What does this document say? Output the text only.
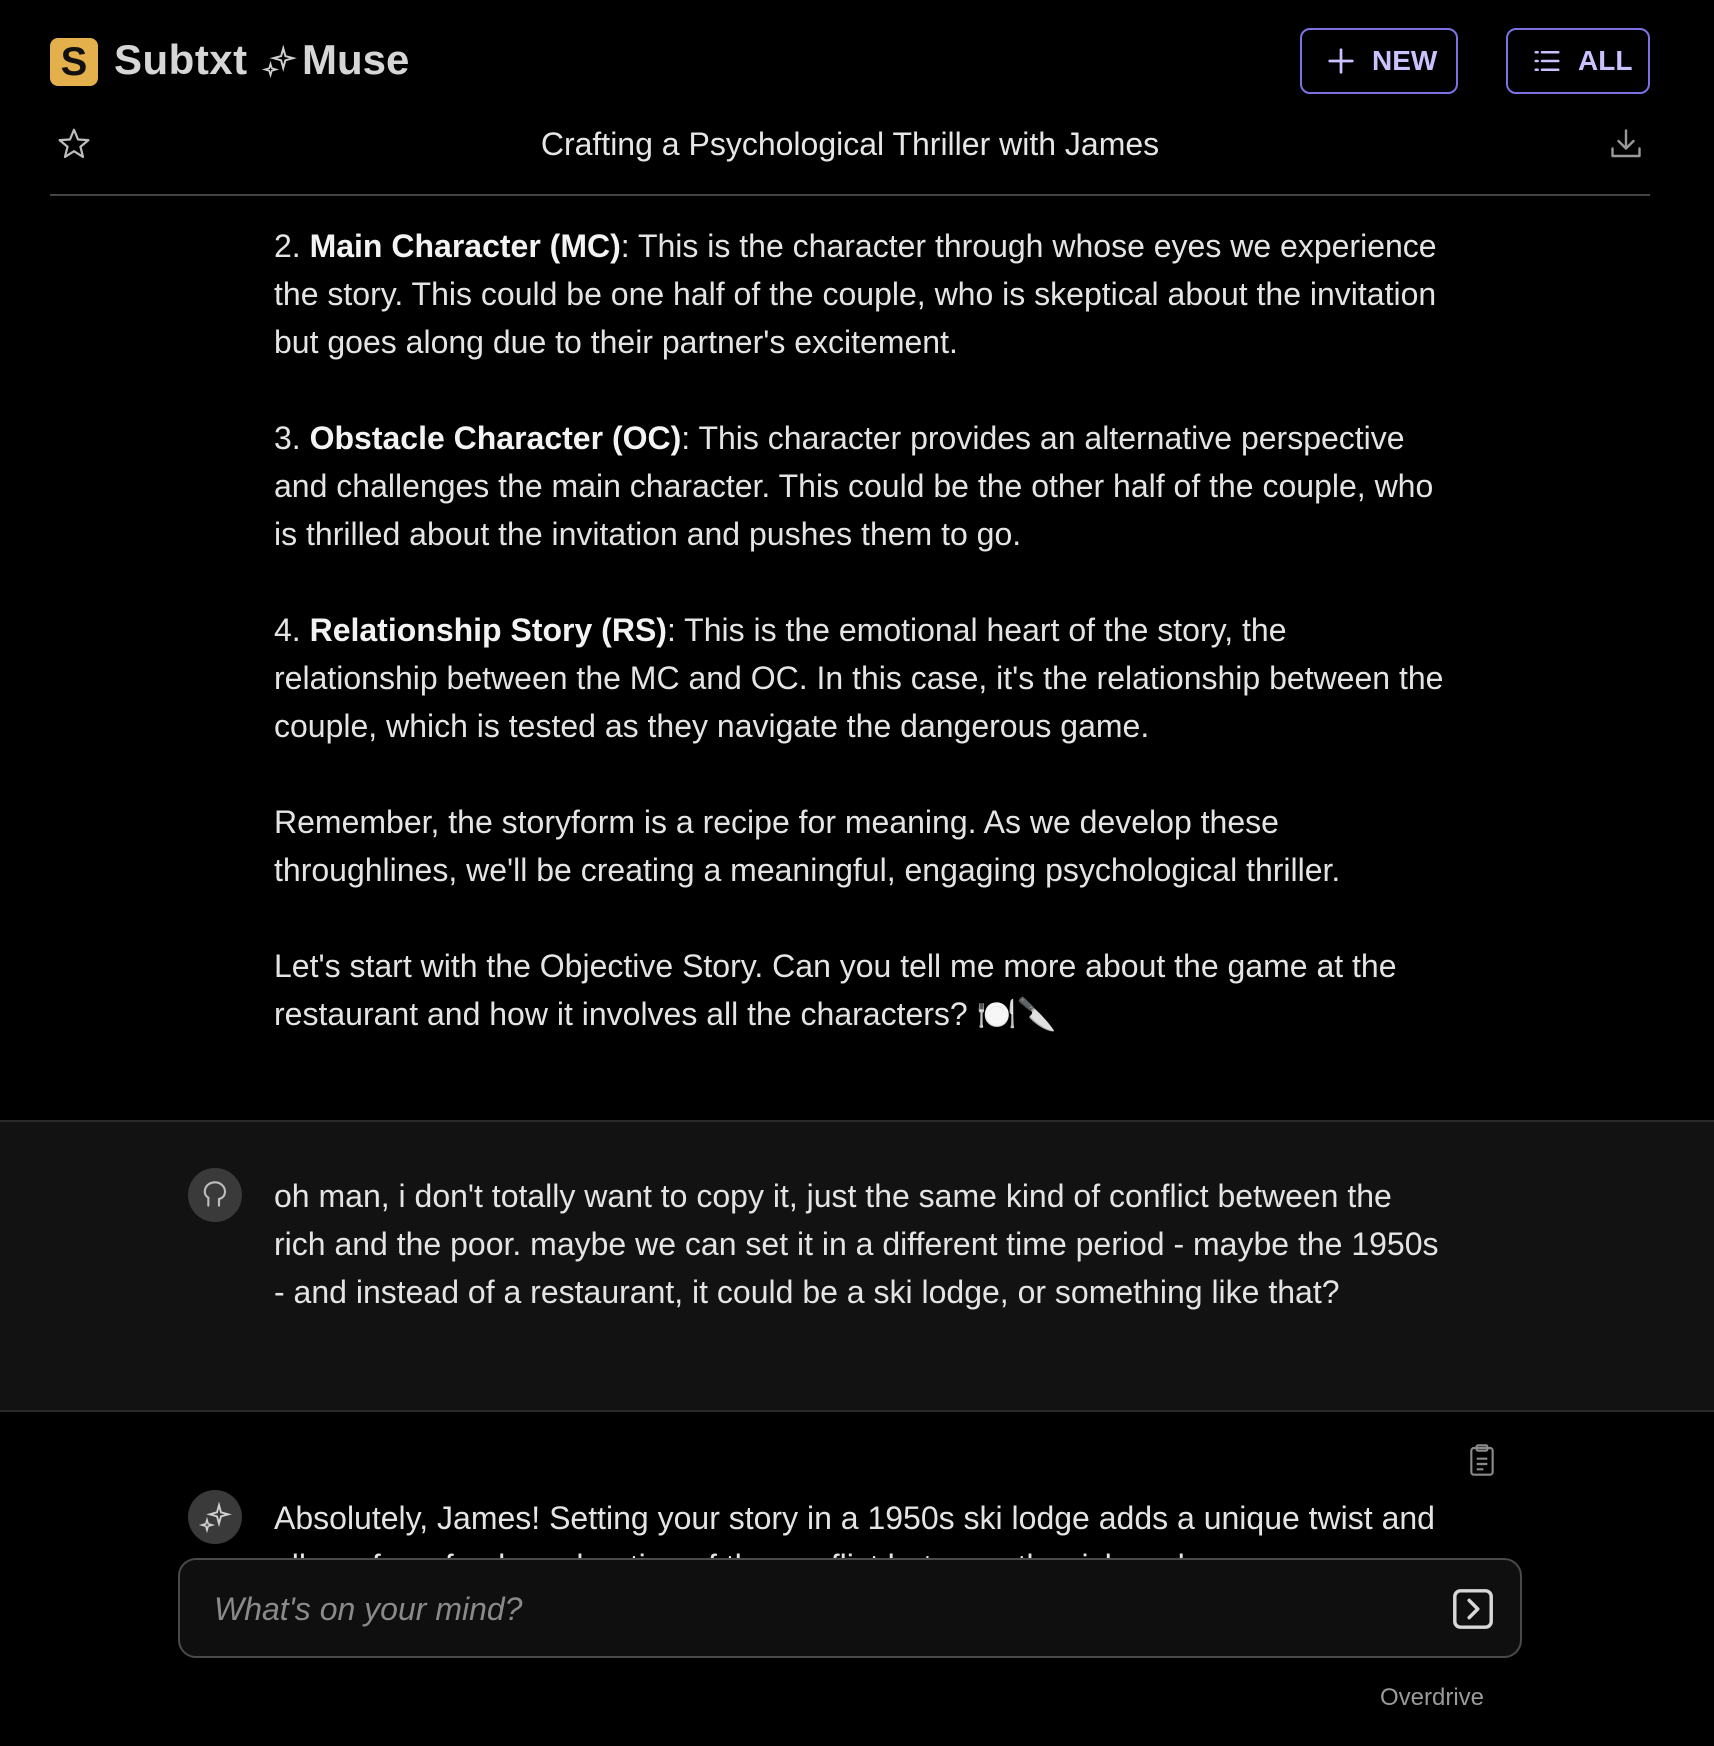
S Subtxt Muse	NEW	ALL
Crafting a Psychological Thriller with James

2. Main Character (MC): This is the character through whose eyes we experience the story. This could be one half of the couple, who is skeptical about the invitation but goes along due to their partner's excitement.

3. Obstacle Character (OC): This character provides an alternative perspective and challenges the main character. This could be the other half of the couple, who is thrilled about the invitation and pushes them to go.

4. Relationship Story (RS): This is the emotional heart of the story, the relationship between the MC and OC. In this case, it's the relationship between the couple, which is tested as they navigate the dangerous game.

Remember, the storyform is a recipe for meaning. As we develop these throughlines, we'll be creating a meaningful, engaging psychological thriller.

Let's start with the Objective Story. Can you tell me more about the game at the restaurant and how it involves all the characters? 🍽️🔪

oh man, i don't totally want to copy it, just the same kind of conflict between the rich and the poor. maybe we can set it in a different time period - maybe the 1950s - and instead of a restaurant, it could be a ski lodge, or something like that?
Absolutely, James! Setting your story in a 1950s ski lodge adds a unique twist and
What's on your mind?
Overdrive
